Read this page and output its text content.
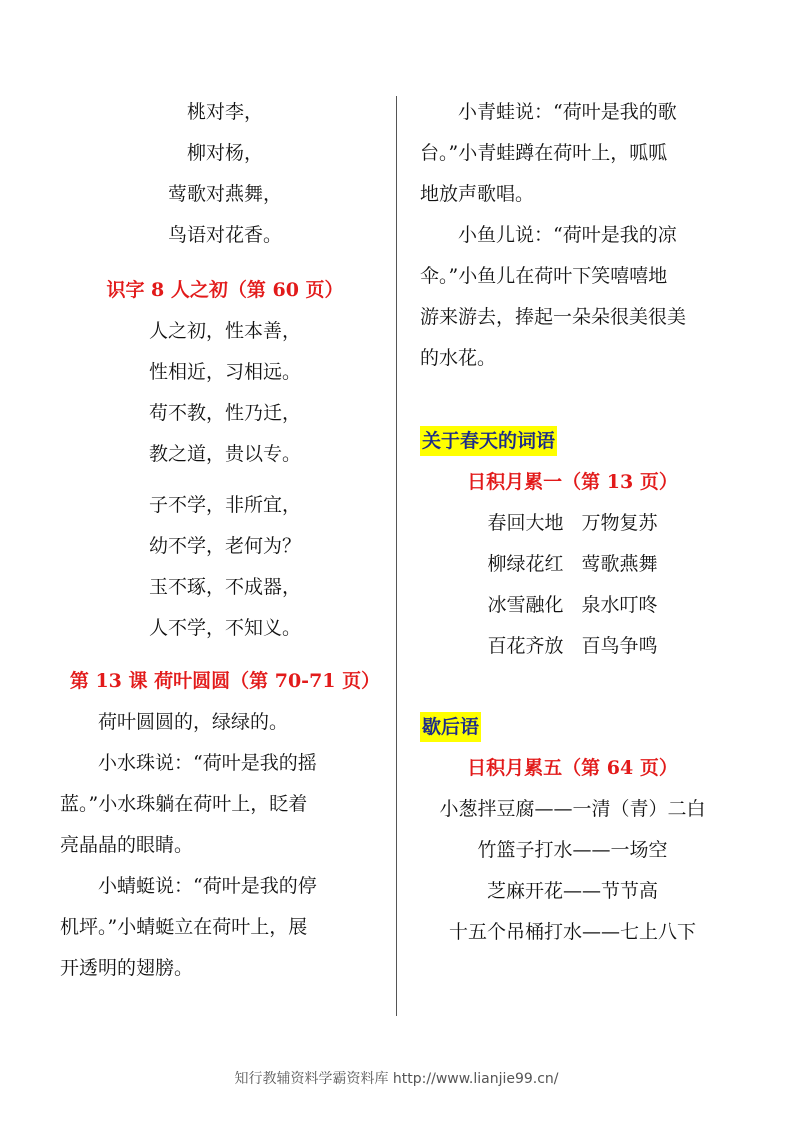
桃对李，
柳对杨，
莺歌对燕舞，
鸟语对花香。
识字 8 人之初（第 60 页）
人之初，性本善，
性相近，习相远。
苟不教，性乃迁，
教之道，贵以专。
子不学，非所宜，
幼不学，老何为？
玉不琢，不成器，
人不学，不知义。
第 13 课 荷叶圆圆（第 70-71 页）
荷叶圆圆的，绿绿的。
小水珠说：“荷叶是我的摇
蓝。”小水珠躺在荷叶上，眨着
亮晶晶的眼睛。
小蜻蜓说：“荷叶是我的停
机坪。”小蜻蜓立在荷叶上，展
开透明的翅膀。
小青蛙说：“荷叶是我的歌
台。”小青蛙蹲在荷叶上，呱呱
地放声歌唱。
小鱼儿说：“荷叶是我的凉
伞。”小鱼儿在荷叶下笑嘻嘻地
游来游去，捧起一朵朵很美很美
的水花。
关于春天的词语
日积月累一（第 13 页）
春回大地   万物复苏
柳绿花红   莺歌燕舞
冰雪融化   泉水叮咚
百花齐放   百鸟争鸣
歇后语
日积月累五（第 64 页）
小葱拌豆腐——一清（青）二白
竹篮子打水——一场空
芝麻开花——节节高
十五个吊桶打水——七上八下
知行教辅资料学霸资料库 http://www.lianjie99.cn/
